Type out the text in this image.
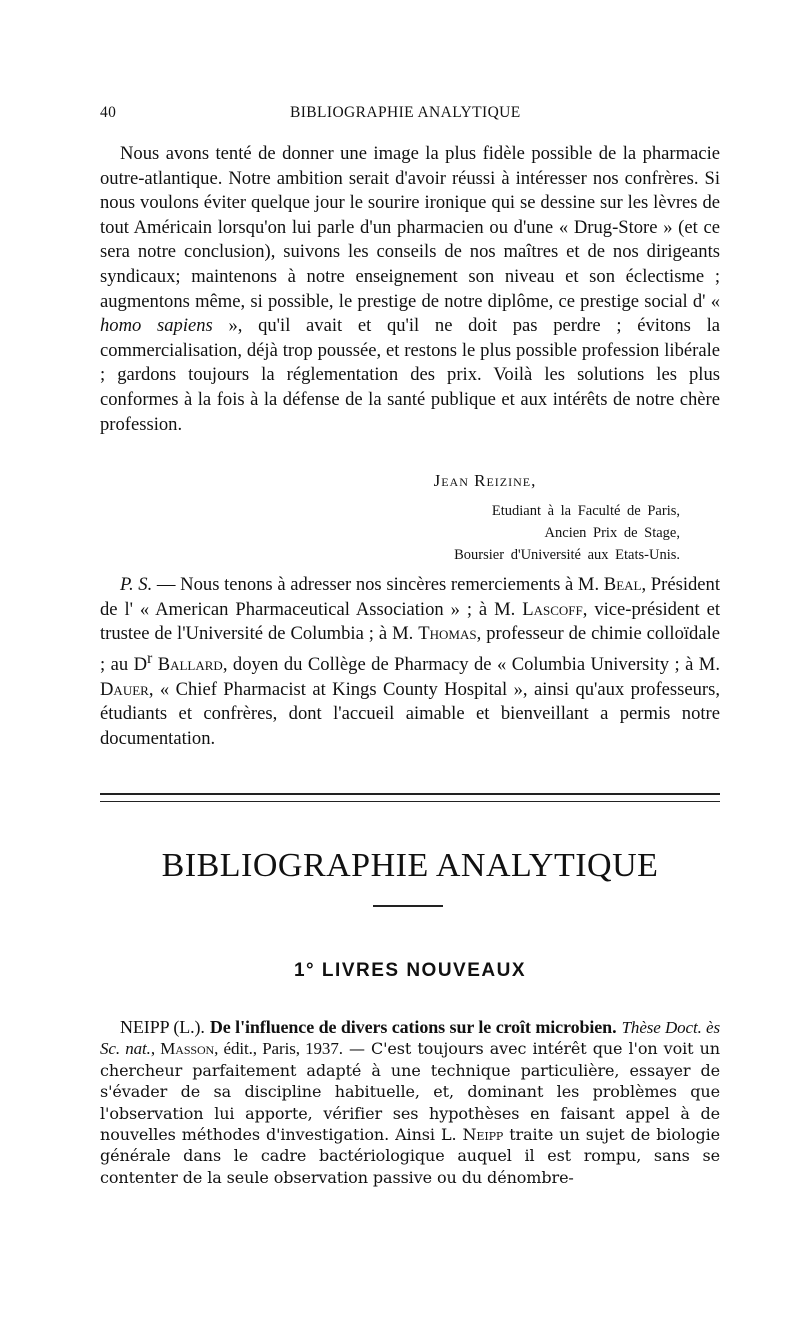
40	BIBLIOGRAPHIE ANALYTIQUE

Nous avons tenté de donner une image la plus fidèle possible de la pharmacie outre-atlantique. Notre ambition serait d'avoir réussi à intéresser nos confrères. Si nous voulons éviter quelque jour le sourire ironique qui se dessine sur les lèvres de tout Américain lorsqu'on lui parle d'un pharmacien ou d'une « Drug-Store » (et ce sera notre conclusion), suivons les conseils de nos maîtres et de nos dirigeants syndicaux; maintenons à notre enseignement son niveau et son éclectisme ; augmentons même, si possible, le prestige de notre diplôme, ce prestige social d' « homo sapiens », qu'il avait et qu'il ne doit pas perdre ; évitons la commercialisation, déjà trop poussée, et restons le plus possible profession libérale ; gardons toujours la réglementation des prix. Voilà les solutions les plus conformes à la fois à la défense de la santé publique et aux intérêts de notre chère profession.

Jean Reizine,
Etudiant à la Faculté de Paris,
Ancien Prix de Stage,
Boursier d'Université aux Etats-Unis.

P. S. — Nous tenons à adresser nos sincères remerciements à M. Beal, Président de l' « American Pharmaceutical Association » ; à M. Lascoff, vice-président et trustee de l'Université de Columbia ; à M. Thomas, professeur de chimie colloïdale ; au $D^r$ Ballard, doyen du Collège de Pharmacy de « Columbia University ; à M. Dauer, « Chief Pharmacist at Kings County Hospital », ainsi qu'aux professeurs, étudiants et confrères, dont l'accueil aimable et bienveillant a permis notre documentation.

BIBLIOGRAPHIE ANALYTIQUE
1° LIVRES NOUVEAUX

NEIPP (L.). De l'influence de divers cations sur le croît microbien. Thèse Doct. ès Sc. nat., Masson, édit., Paris, 1937. — C'est toujours avec intérêt que l'on voit un chercheur parfaitement adapté à une technique particulière, essayer de s'évader de sa discipline habituelle, et, dominant les problèmes que l'observation lui apporte, vérifier ses hypothèses en faisant appel à de nouvelles méthodes d'investigation. Ainsi L. Neipp traite un sujet de biologie générale dans le cadre bactériologique auquel il est rompu, sans se contenter de la seule observation passive ou du dénombre-
